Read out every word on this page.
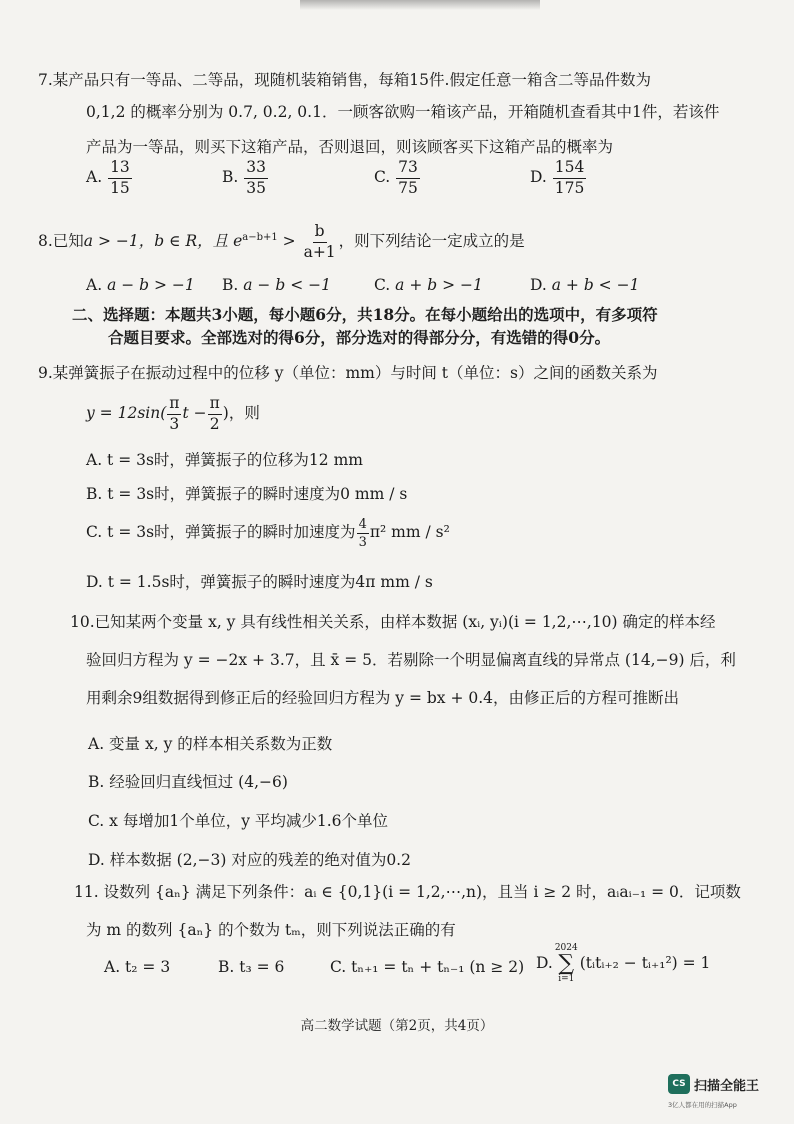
7.某产品只有一等品、二等品，现随机装箱销售，每箱15件.假定任意一箱含二等品件数为
0,1,2 的概率分别为 0.7, 0.2, 0.1．一顾客欲购一箱该产品，开箱随机查看其中1件，若该件
产品为一等品，则买下这箱产品，否则退回，则该顾客买下这箱产品的概率为
A. $\frac{13}{15}$	B. $\frac{33}{35}$	C. $\frac{73}{75}$	D. $\frac{154}{175}$
8.已知a > −1，b ∈ R，且 $e^{a-b+1} > \frac{b}{a+1}$ ，则下列结论一定成立的是
A. a − b > −1 B. a − b < −1	C. a + b > −1	D. a + b < −1
二、选择题：本题共3小题，每小题6分，共18分。在每小题给出的选项中，有多项符
合题目要求。全部选对的得6分，部分选对的得部分分，有选错的得0分。
9.某弹簧振子在振动过程中的位移 y（单位：mm）与时间 t（单位：s）之间的函数关系为
$y = 12\sin( \frac{\pi}{3}$ $t - \frac{\pi}{2}$ )，则
A. t = 3s时，弹簧振子的位移为12 mm
B. t = 3s时，弹簧振子的瞬时速度为0 mm / s
C. t = 3s时，弹簧振子的瞬时加速度为 $\frac{4}{3} \pi^2$ mm / s²
D. t = 1.5s时，弹簧振子的瞬时速度为4π mm / s
10.已知某两个变量 x, y 具有线性相关关系，由样本数据 (xᵢ, yᵢ)(i = 1,2,⋯,10) 确定的样本经
验回归方程为 y = −2x + 3.7，且 x̄ = 5．若剔除一个明显偏离直线的异常点 (14,−9) 后，利
用剩余9组数据得到修正后的经验回归方程为 y = bx + 0.4，由修正后的方程可推断出
A. 变量 x, y 的样本相关系数为正数
B. 经验回归直线恒过 (4,−6)
C. x 每增加1个单位，y 平均减少1.6个单位
D. 样本数据 (2,−3) 对应的残差的绝对值为0.2
11. 设数列 {aₙ} 满足下列条件：aᵢ ∈ {0,1}(i = 1,2,⋯,n)，且当 i ≥ 2 时，aᵢaᵢ₋₁ = 0．记项数
为 m 的数列 {aₙ} 的个数为 tₘ，则下列说法正确的有
A. t₂ = 3	B. t₃ = 6	C. tₙ₊₁ = tₙ + tₙ₋₁ (n ≥ 2) D.
2024
∑
i=1
(tᵢtᵢ₊₂ − tᵢ₊₁²) = 1
高二数学试题（第2页，共4页）
CS 扫描全能王
3亿人都在用的扫描App
